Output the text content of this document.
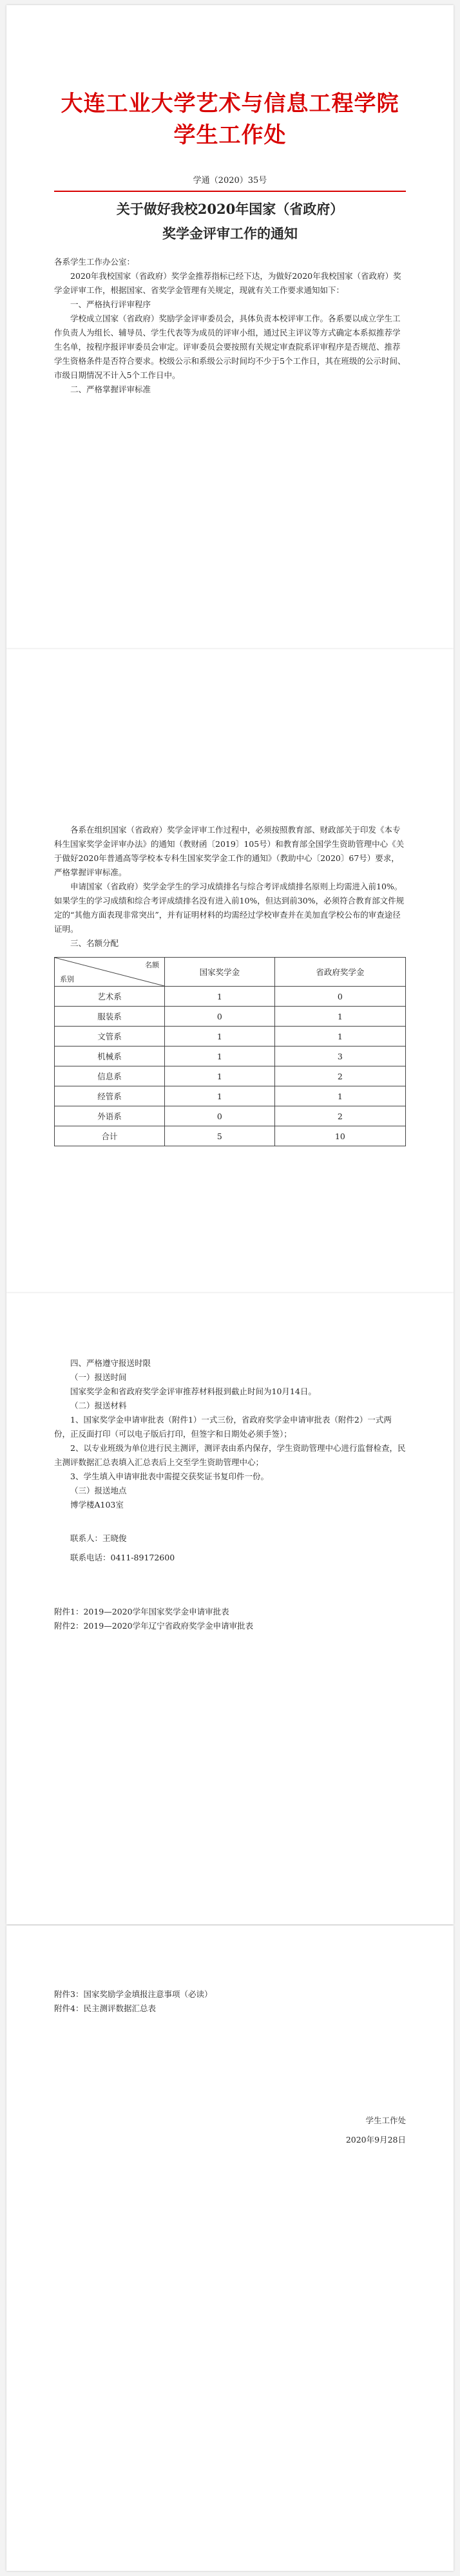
大连工业大学艺术与信息工程学院学生工作处
学通（2020）35号
关于做好我校2020年国家（省政府）
奖学金评审工作的通知

各系学生工作办公室：

2020年我校国家（省政府）奖学金推荐指标已经下达，为做好2020年我校国家（省政府）奖学金评审工作，根据国家、省奖学金管理有关规定，现就有关工作要求通知如下：

一、严格执行评审程序

学校成立国家（省政府）奖励学金评审委员会，具体负责本校评审工作。各系要以成立学生工作负责人为组长、辅导员、学生代表等为成员的评审小组，通过民主评议等方式确定本系拟推荐学生名单，按程序报评审委员会审定。评审委员会要按照有关规定审查院系评审程序是否规范、推荐学生资格条件是否符合要求。校级公示和系级公示时间均不少于5个工作日，其在班级的公示时间、市级日期情况不计入5个工作日中。

二、严格掌握评审标准

各系在组织国家（省政府）奖学金评审工作过程中，必须按照教育部、财政部关于印发《本专科生国家奖学金评审办法》的通知（教财函〔2019〕105号）和教育部全国学生资助管理中心《关于做好2020年普通高等学校本专科生国家奖学金工作的通知》（教助中心〔2020〕67号）要求，严格掌握评审标准。

申请国家（省政府）奖学金学生的学习成绩排名与综合考评成绩排名原则上均需进入前10%。如果学生的学习成绩和综合考评成绩排名没有进入前10%，但达到前30%，必须符合教育部文件规定的“其他方面表现非常突出”，并有证明材料的均需经过学校审查并在美加直学校公布的审查途径证明。

三、名额分配

名额
系别	国家奖学金	省政府奖学金
艺术系	1	0
服装系	0	1
文管系	1	1
机械系	1	3
信息系	1	2
经管系	1	1
外语系	0	2
合计	5	10

四、严格遵守报送时限

（一）报送时间

国家奖学金和省政府奖学金评审推荐材料报到截止时间为10月14日。

（二）报送材料

1、国家奖学金申请审批表（附件1）一式三份，省政府奖学金申请审批表（附件2）一式两份，正反面打印（可以电子版后打印，但签字和日期处必须手签）；

2、以专业班级为单位进行民主测评，测评表由系内保存，学生资助管理中心进行监督检查，民主测评数据汇总表填入汇总表后上交至学生资助管理中心；

3、学生填入申请审批表中需提交获奖证书复印件一份。

（三）报送地点

博学楼A103室

联系人：王晓俊

联系电话：0411-89172600

附件1：2019—2020学年国家奖学金申请审批表

附件2：2019—2020学年辽宁省政府奖学金申请审批表

附件3：国家奖励学金填报注意事项（必读）

附件4：民主测评数据汇总表

学生工作处
2020年9月28日
